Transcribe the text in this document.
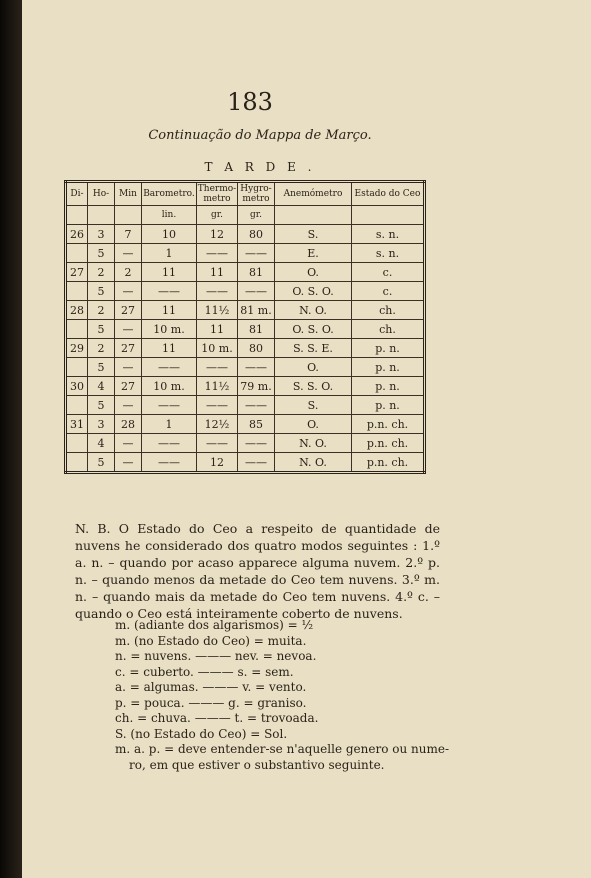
183
Continuação do Mappa de Março.
T A R D E .
Di-	Ho-	Min	Barometro.	Thermo-metro	Hygro-metro	Anemómetro	Estado do Ceo
			lin.	gr.	gr.		
26	3	7	10	12	80	S.	s. n.
	5	—	1	——	——	E.	s. n.
27	2	2	11	11	81	O.	c.
	5	—	——	——	——	O. S. O.	c.
28	2	27	11	11½	81 m.	N. O.	ch.
	5	—	10 m.	11	81	O. S. O.	ch.
29	2	27	11	10 m.	80	S. S. E.	p. n.
	5	—	——	——	——	O.	p. n.
30	4	27	10 m.	11½	79 m.	S. S. O.	p. n.
	5	—	——	——	——	S.	p. n.
31	3	28	1	12½	85	O.	p.n. ch.
	4	—	——	——	——	N. O.	p.n. ch.
	5	—	——	12	——	N. O.	p.n. ch.
N. B. O Estado do Ceo a respeito de quantidade de nuvens he considerado dos quatro modos seguintes : 1.º a. n. – quando por acaso apparece alguma nuvem. 2.º p. n. – quando menos da metade do Ceo tem nuvens. 3.º m. n. – quando mais da metade do Ceo tem nuvens. 4.º c. – quando o Ceo está inteiramente coberto de nuvens.
m. (adiante dos algarismos) = ½
m. (no Estado do Ceo) = muita.
n. = nuvens. ——— nev. = nevoa.
c. = cuberto. ——— s. = sem.
a. = algumas. ——— v. = vento.
p. = pouca. ——— g. = graniso.
ch. = chuva. ——— t. = trovoada.
S. (no Estado do Ceo) = Sol.
m. a. p. = deve entender-se n'aquelle genero ou nume-
ro, em que estiver o substantivo seguinte.
